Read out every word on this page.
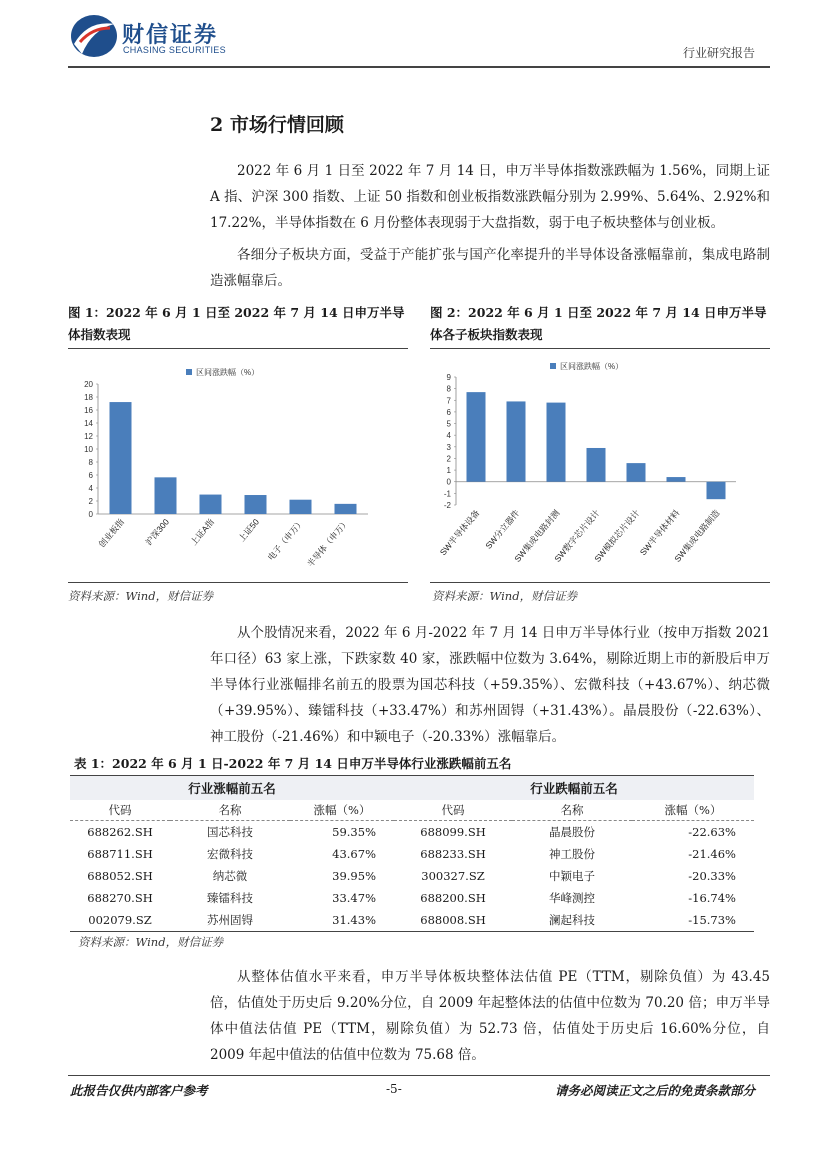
财信证券
CHASING SECURITIES	行业研究报告
2 市场行情回顾

2022 年 6 月 1 日至 2022 年 7 月 14 日，申万半导体指数涨跌幅为 1.56%，同期上证 A 指、沪深 300 指数、上证 50 指数和创业板指数涨跌幅分别为 2.99%、5.64%、2.92%和 17.22%，半导体指数在 6 月份整体表现弱于大盘指数，弱于电子板块整体与创业板。

各细分子板块方面，受益于产能扩张与国产化率提升的半导体设备涨幅靠前，集成电路制造涨幅靠后。

图 1：2022 年 6 月 1 日至 2022 年 7 月 14 日申万半导体指数表现
图 2：2022 年 6 月 1 日至 2022 年 7 月 14 日申万半导体各子板块指数表现
区间涨跌幅（%）
0
2
4
6
8
10
12
14
16
18
20
创业板指 沪深300 上证A指 上证50 电子（申万） 半导体（申万）
区间涨跌幅（%）
-2
-1
0
1
2
3
4
5
6
7
8
9
SW半导体设备 SW分立器件
SW集成电路封测
SW数字芯片设计
SW模拟芯片设计
SW半导体材料
SW集成电路制造
资料来源：Wind，财信证券	资料来源：Wind，财信证券

从个股情况来看，2022 年 6 月-2022 年 7 月 14 日申万半导体行业（按申万指数 2021 年口径）63 家上涨，下跌家数 40 家，涨跌幅中位数为 3.64%，剔除近期上市的新股后申万半导体行业涨幅排名前五的股票为国芯科技（+59.35%）、宏微科技（+43.67%）、纳芯微（+39.95%）、臻镭科技（+33.47%）和苏州固锝（+31.43%）。晶晨股份（-22.63%）、神工股份（-21.46%）和中颖电子（-20.33%）涨幅靠后。

表 1：2022 年 6 月 1 日-2022 年 7 月 14 日申万半导体行业涨跌幅前五名
行业涨幅前五名			行业跌幅前五名		
代码	名称	涨幅（%）	代码	名称	涨幅（%）
688262.SH	国芯科技	59.35%	688099.SH	晶晨股份	-22.63%
688711.SH	宏微科技	43.67%	688233.SH	神工股份	-21.46%
688052.SH	纳芯微	39.95%	300327.SZ	中颖电子	-20.33%
688270.SH	臻镭科技	33.47%	688200.SH	华峰测控	-16.74%
002079.SZ	苏州固锝	31.43%	688008.SH	澜起科技	-15.73%
资料来源：Wind，财信证券

从整体估值水平来看，申万半导体板块整体法估值 PE（TTM，剔除负值）为 43.45 倍，估值处于历史后 9.20%分位，自 2009 年起整体法的估值中位数为 70.20 倍；申万半导体中值法估值 PE（TTM，剔除负值）为 52.73 倍，估值处于历史后 16.60%分位，自 2009 年起中值法的估值中位数为 75.68 倍。

此报告仅供内部客户参考	-5-	请务必阅读正文之后的免责条款部分
